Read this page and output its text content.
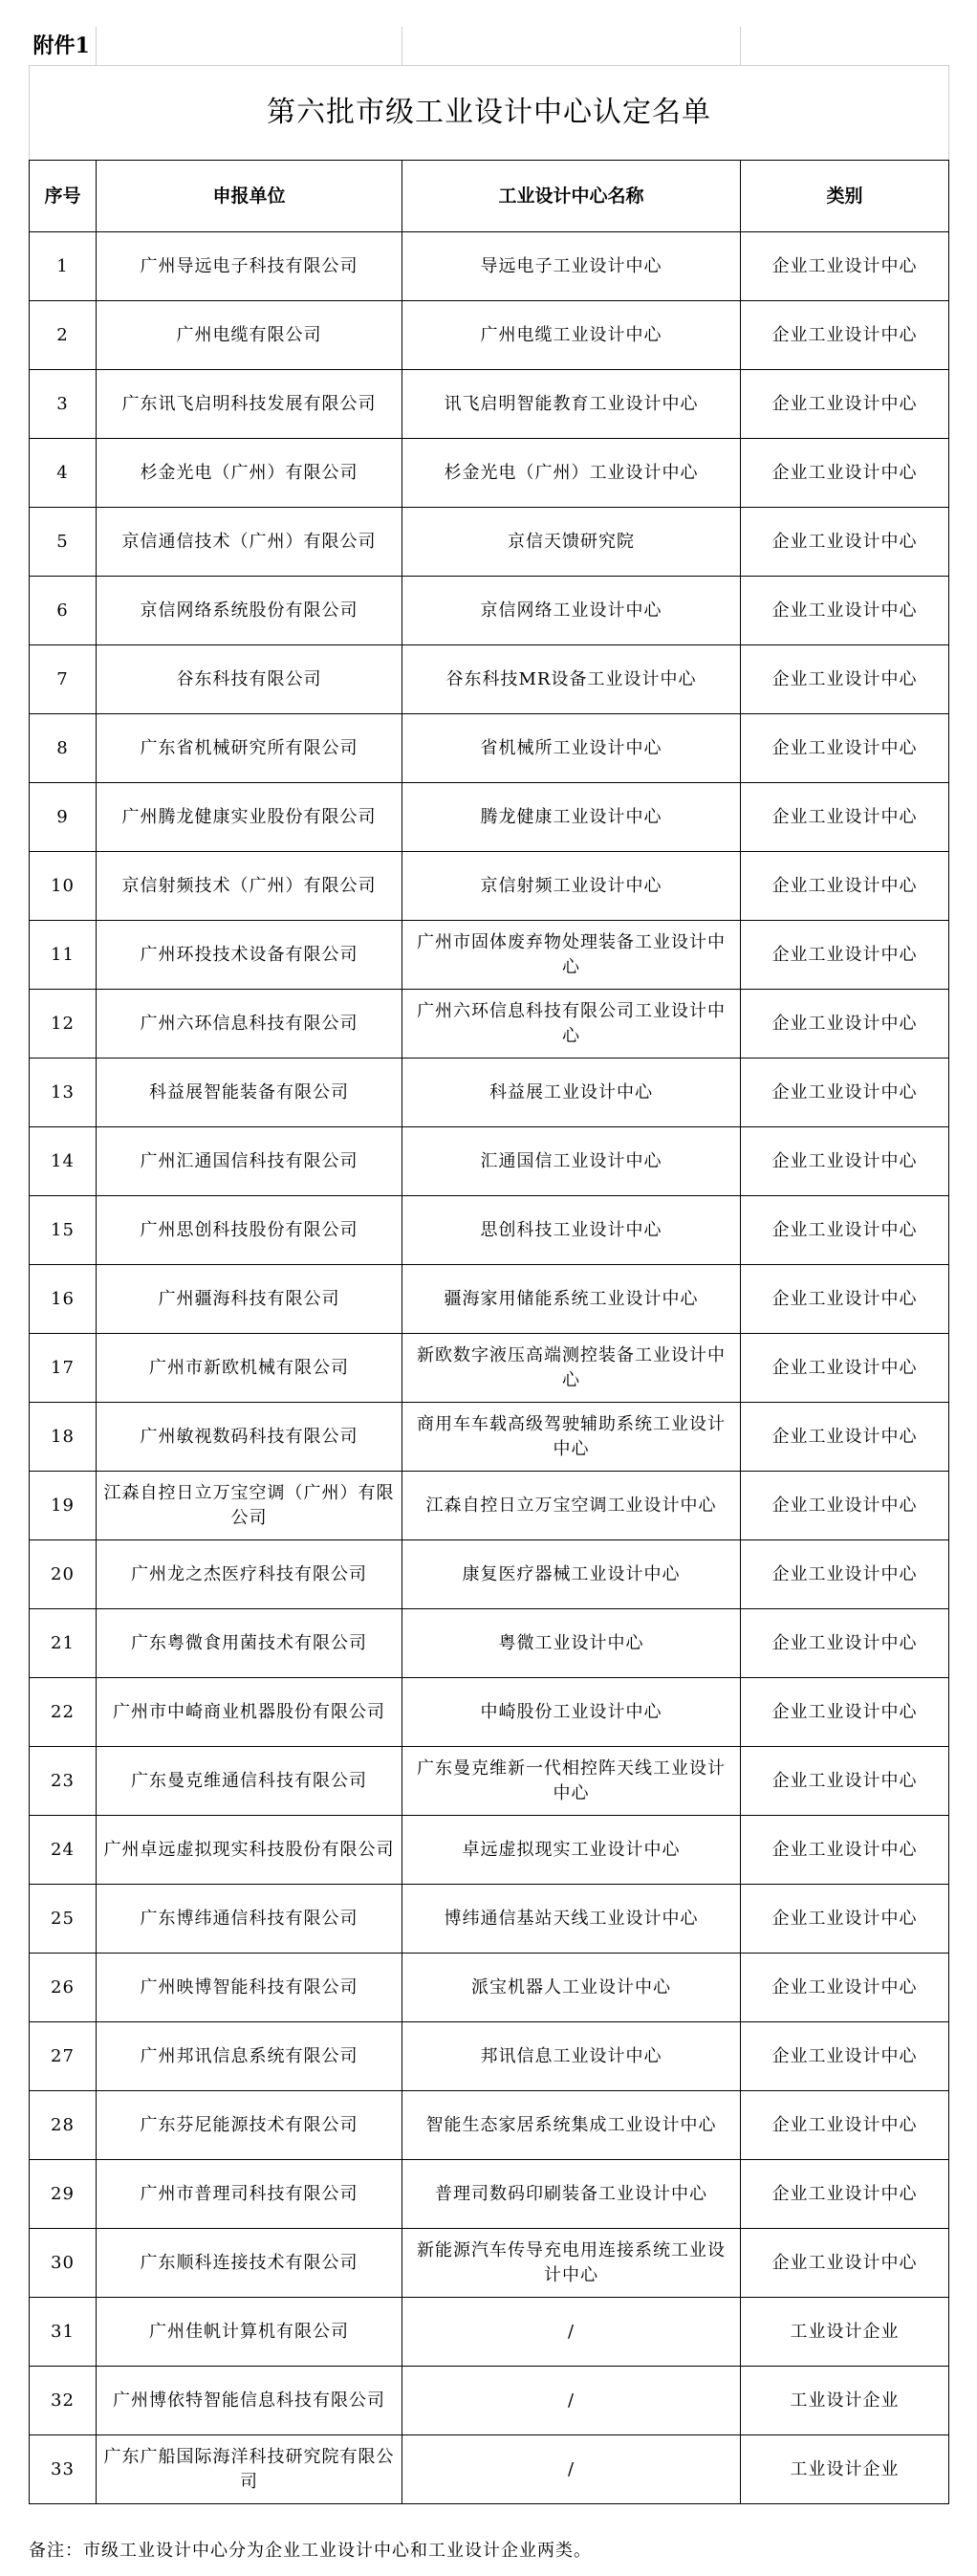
附件1			
第六批市级工业设计中心认定名单			
序号	申报单位	工业设计中心名称	类别
1	广州导远电子科技有限公司	导远电子工业设计中心	企业工业设计中心
2	广州电缆有限公司	广州电缆工业设计中心	企业工业设计中心
3	广东讯飞启明科技发展有限公司	讯飞启明智能教育工业设计中心	企业工业设计中心
4	杉金光电（广州）有限公司	杉金光电（广州）工业设计中心	企业工业设计中心
5	京信通信技术（广州）有限公司	京信天馈研究院	企业工业设计中心
6	京信网络系统股份有限公司	京信网络工业设计中心	企业工业设计中心
7	谷东科技有限公司	谷东科技MR设备工业设计中心	企业工业设计中心
8	广东省机械研究所有限公司	省机械所工业设计中心	企业工业设计中心
9	广州腾龙健康实业股份有限公司	腾龙健康工业设计中心	企业工业设计中心
10	京信射频技术（广州）有限公司	京信射频工业设计中心	企业工业设计中心
11	广州环投技术设备有限公司	广州市固体废弃物处理装备工业设计中心	企业工业设计中心
12	广州六环信息科技有限公司	广州六环信息科技有限公司工业设计中心	企业工业设计中心
13	科益展智能装备有限公司	科益展工业设计中心	企业工业设计中心
14	广州汇通国信科技有限公司	汇通国信工业设计中心	企业工业设计中心
15	广州思创科技股份有限公司	思创科技工业设计中心	企业工业设计中心
16	广州疆海科技有限公司	疆海家用储能系统工业设计中心	企业工业设计中心
17	广州市新欧机械有限公司	新欧数字液压高端测控装备工业设计中心	企业工业设计中心
18	广州敏视数码科技有限公司	商用车车载高级驾驶辅助系统工业设计中心	企业工业设计中心
19	江森自控日立万宝空调（广州）有限公司	江森自控日立万宝空调工业设计中心	企业工业设计中心
20	广州龙之杰医疗科技有限公司	康复医疗器械工业设计中心	企业工业设计中心
21	广东粤微食用菌技术有限公司	粤微工业设计中心	企业工业设计中心
22	广州市中崎商业机器股份有限公司	中崎股份工业设计中心	企业工业设计中心
23	广东曼克维通信科技有限公司	广东曼克维新一代相控阵天线工业设计中心	企业工业设计中心
24	广州卓远虚拟现实科技股份有限公司	卓远虚拟现实工业设计中心	企业工业设计中心
25	广东博纬通信科技有限公司	博纬通信基站天线工业设计中心	企业工业设计中心
26	广州映博智能科技有限公司	派宝机器人工业设计中心	企业工业设计中心
27	广州邦讯信息系统有限公司	邦讯信息工业设计中心	企业工业设计中心
28	广东芬尼能源技术有限公司	智能生态家居系统集成工业设计中心	企业工业设计中心
29	广州市普理司科技有限公司	普理司数码印刷装备工业设计中心	企业工业设计中心
30	广东顺科连接技术有限公司	新能源汽车传导充电用连接系统工业设计中心	企业工业设计中心
31	广州佳帆计算机有限公司	/	工业设计企业
32	广州博依特智能信息科技有限公司	/	工业设计企业
33	广东广船国际海洋科技研究院有限公司	/	工业设计企业
备注：市级工业设计中心分为企业工业设计中心和工业设计企业两类。
